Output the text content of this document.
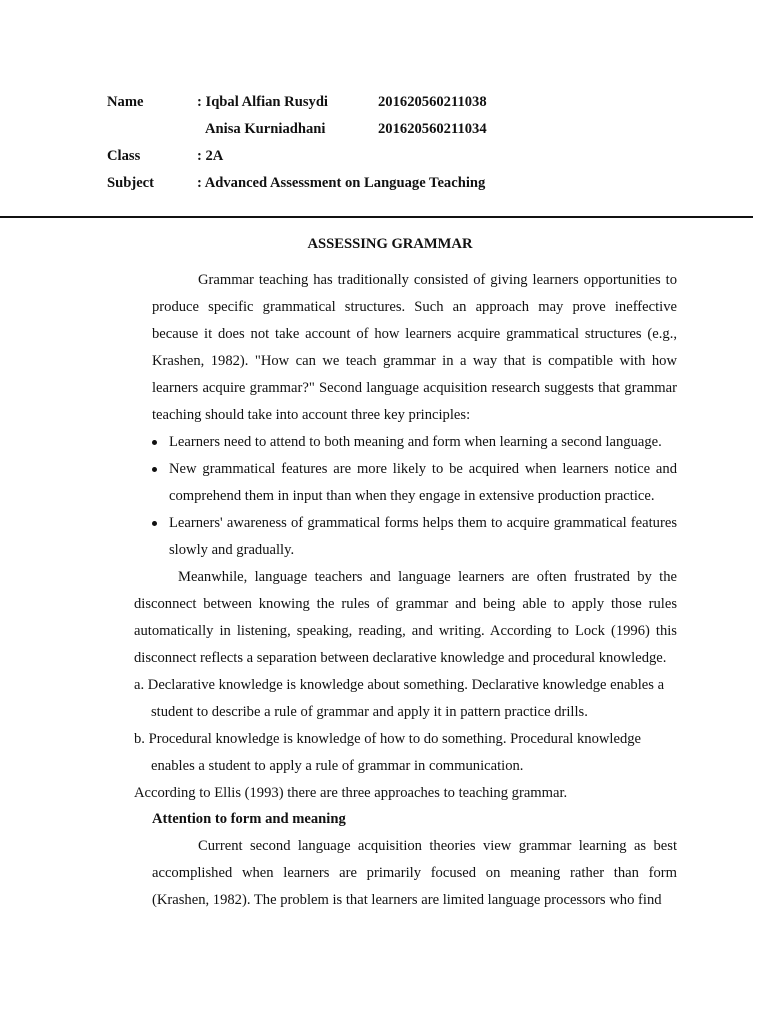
Name	: Iqbal Alfian Rusydi	201620560211038
Anisa Kurniadhani	201620560211034
Class	: 2A
Subject	: Advanced Assessment on Language Teaching
ASSESSING GRAMMAR
Grammar teaching has traditionally consisted of giving learners opportunities to produce specific grammatical structures. Such an approach may prove ineffective because it does not take account of how learners acquire grammatical structures (e.g., Krashen, 1982). "How can we teach grammar in a way that is compatible with how learners acquire grammar?" Second language acquisition research suggests that grammar teaching should take into account three key principles:
Learners need to attend to both meaning and form when learning a second language.
New grammatical features are more likely to be acquired when learners notice and comprehend them in input than when they engage in extensive production practice.
Learners' awareness of grammatical forms helps them to acquire grammatical features slowly and gradually.
Meanwhile, language teachers and language learners are often frustrated by the disconnect between knowing the rules of grammar and being able to apply those rules automatically in listening, speaking, reading, and writing. According to Lock (1996) this disconnect reflects a separation between declarative knowledge and procedural knowledge.
a. Declarative knowledge is knowledge about something. Declarative knowledge enables a
student to describe a rule of grammar and apply it in pattern practice drills.
b. Procedural knowledge is knowledge of how to do something. Procedural knowledge
enables a student to apply a rule of grammar in communication.
According to Ellis (1993) there are three approaches to teaching grammar.
Attention to form and meaning
Current second language acquisition theories view grammar learning as best accomplished when learners are primarily focused on meaning rather than form (Krashen, 1982). The problem is that learners are limited language processors who find
